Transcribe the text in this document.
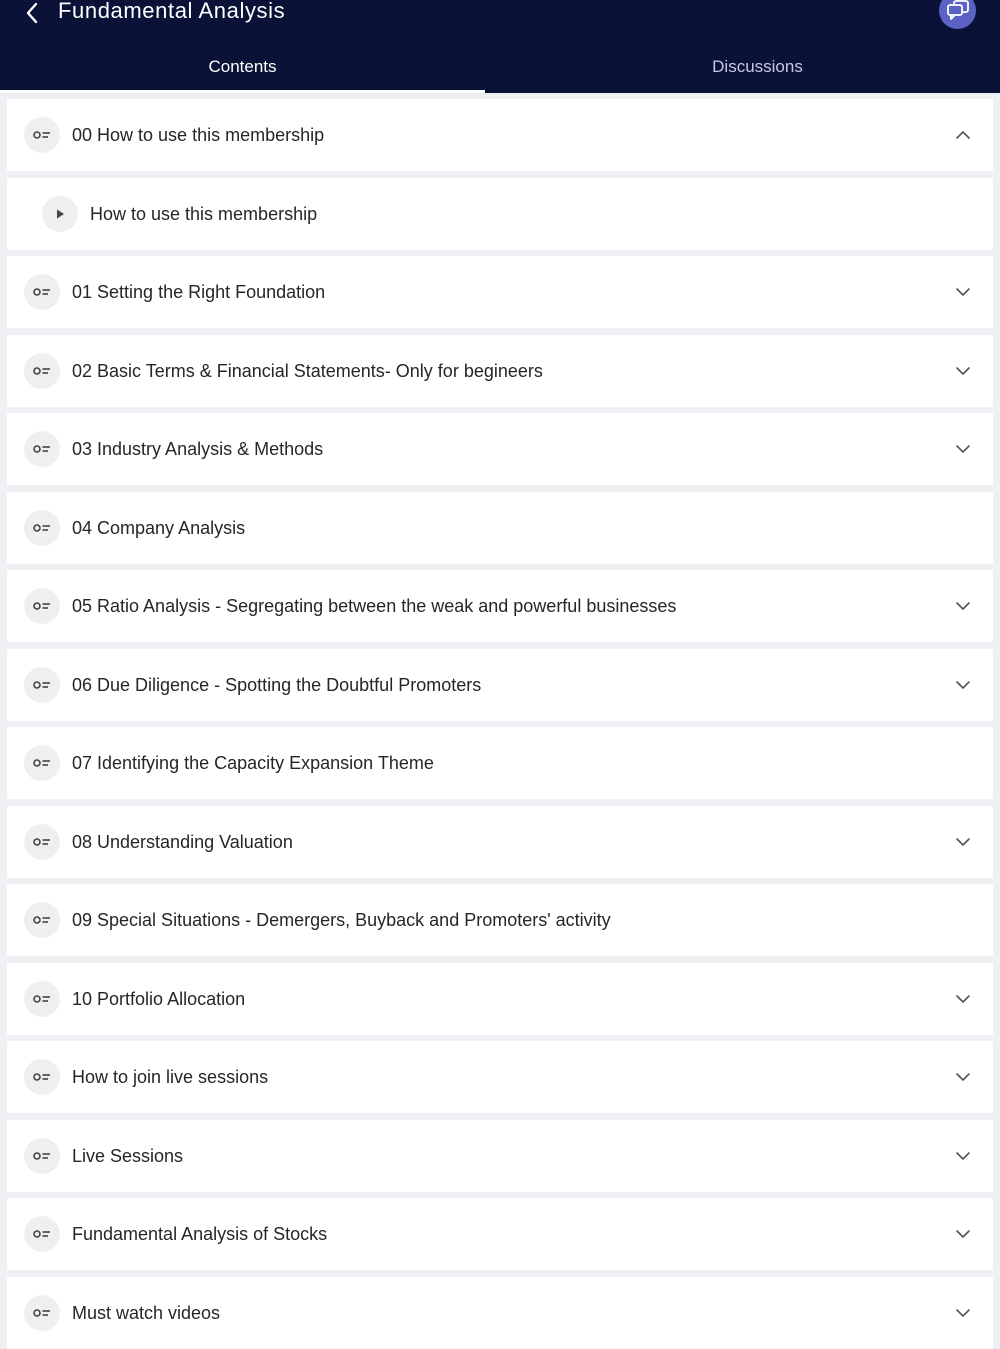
Fundamental Analysis
Contents	Discussions
00 How to use this membership
How to use this membership
01 Setting the Right Foundation
02 Basic Terms & Financial Statements- Only for begineers
03 Industry Analysis & Methods
04 Company Analysis
05 Ratio Analysis - Segregating between the weak and powerful businesses
06 Due Diligence - Spotting the Doubtful Promoters
07 Identifying the Capacity Expansion Theme
08 Understanding Valuation
09 Special Situations - Demergers, Buyback and Promoters' activity
10 Portfolio Allocation
How to join live sessions
Live Sessions
Fundamental Analysis of Stocks
Must watch videos
